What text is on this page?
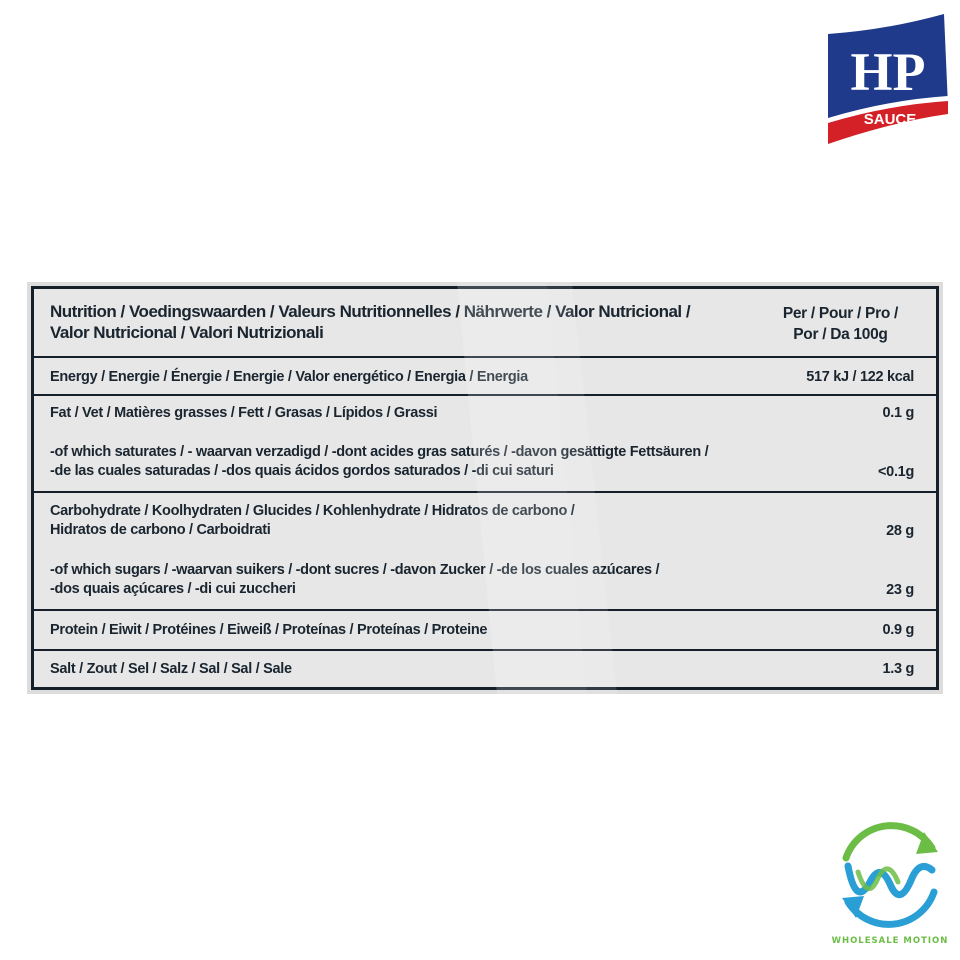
HP
SAUCE
Nutrition / Voedingswaarden / Valeurs Nutritionnelles / Nährwerte / Valor Nutricional /
Valor Nutricional / Valori Nutrizionali
Per / Pour / Pro /
Por / Da 100g
Energy / Energie / Énergie / Energie / Valor energético / Energia / Energia	517 kJ / 122 kcal
Fat / Vet / Matières grasses / Fett / Grasas / Lípidos / Grassi	0.1 g
-of which saturates / - waarvan verzadigd / -dont acides gras saturés / -davon gesättigte Fettsäuren /
-de las cuales saturadas / -dos quais ácidos gordos saturados / -di cui saturi	<0.1g
Carbohydrate / Koolhydraten / Glucides / Kohlenhydrate / Hidratos de carbono /
Hidratos de carbono / Carboidrati	28 g
-of which sugars / -waarvan suikers / -dont sucres / -davon Zucker / -de los cuales azúcares /
-dos quais açúcares / -di cui zuccheri	23 g
Protein / Eiwit / Protéines / Eiweiß / Proteínas / Proteínas / Proteine	0.9 g
Salt / Zout / Sel / Salz / Sal / Sal / Sale	1.3 g
WHOLESALE MOTION
